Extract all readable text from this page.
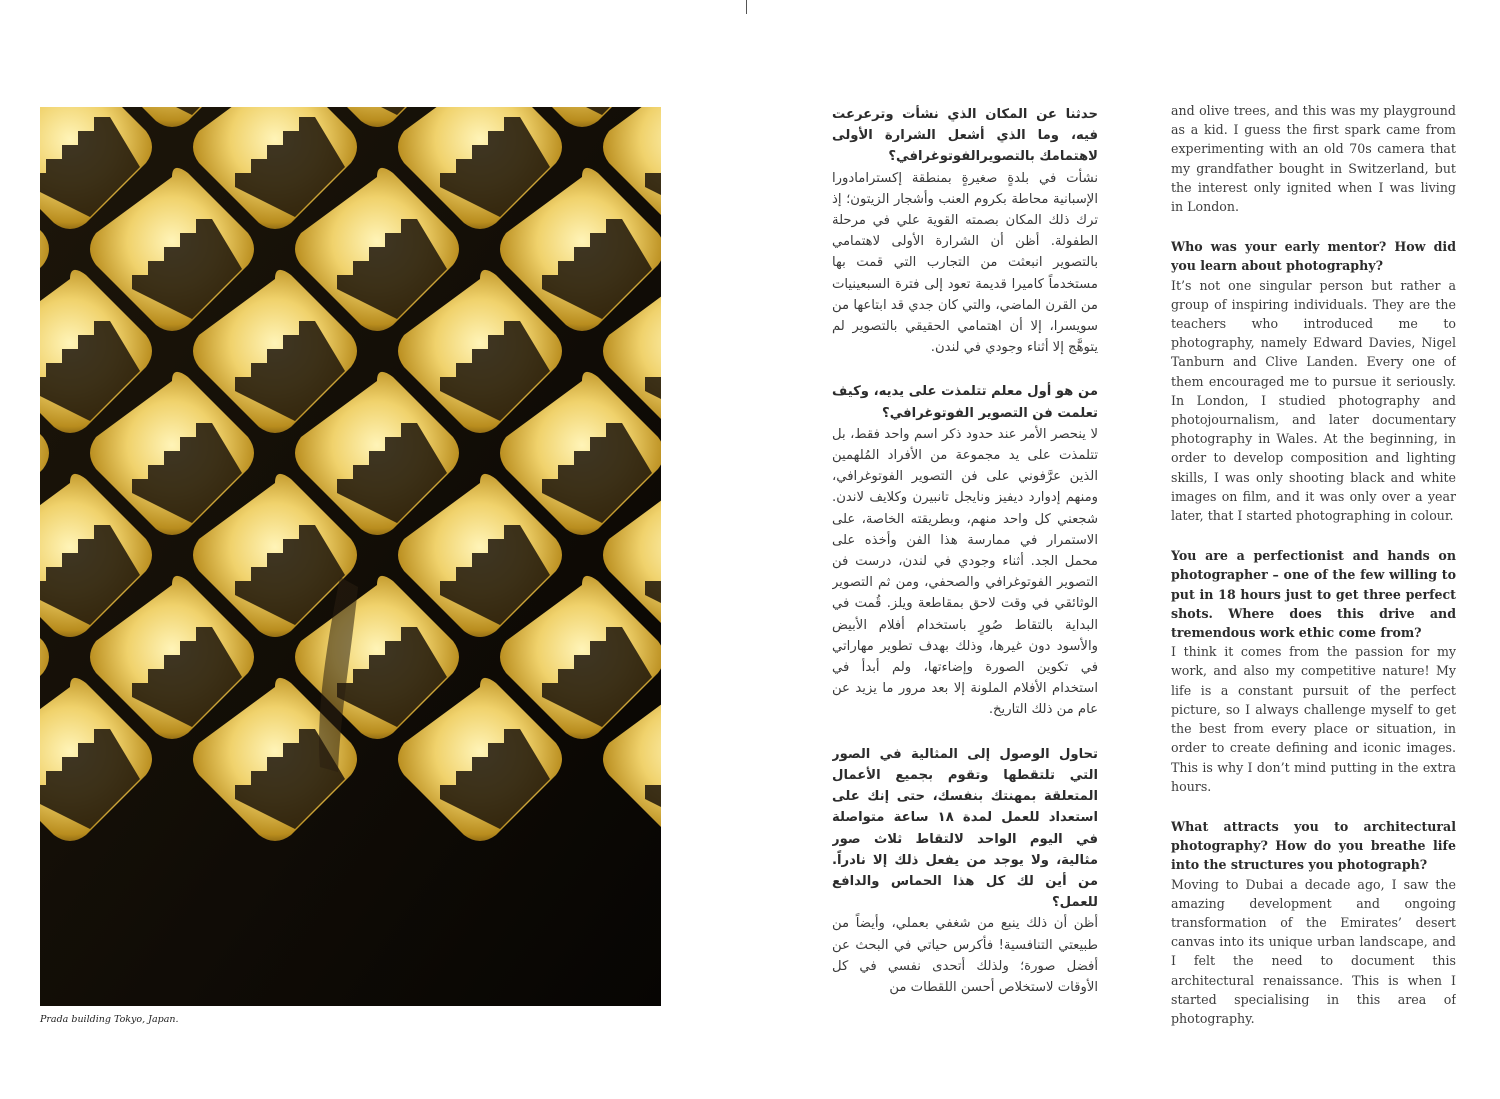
Prada building Tokyo, Japan.

حدثنا عن المكان الذي نشأت وترعرعت فيه، وما الذي أشعل الشرارة الأولى لاهتمامك بالتصويرالفوتوغرافي؟

نشأت في بلدةٍ صغيرةٍ بمنطقة إكسترامادورا الإسبانية محاطة بكروم العنب وأشجار الزيتون؛ إذ ترك ذلك المكان بصمته القوية علي في مرحلة الطفولة. أظن أن الشرارة الأولى لاهتمامي بالتصوير انبعثت من التجارب التي قمت بها مستخدماً كاميرا قديمة تعود إلى فترة السبعينيات من القرن الماضي، والتي كان جدي قد ابتاعها من سويسرا، إلا أن اهتمامي الحقيقي بالتصوير لم يتوهَّج إلا أثناء وجودي في لندن.

من هو أول معلم تتلمذت على يديه، وكيف تعلمت فن التصوير الفوتوغرافي؟

لا ينحصر الأمر عند حدود ذكر اسم واحد فقط، بل تتلمذت على يد مجموعة من الأفراد المُلهمين الذين عرَّفوني على فن التصوير الفوتوغرافي، ومنهم إدوارد ديفيز ونايجل تانبيرن وكلايف لاندن. شجعني كل واحد منهم، وبطريقته الخاصة، على الاستمرار في ممارسة هذا الفن وأخذه على محمل الجد. أثناء وجودي في لندن، درست فن التصوير الفوتوغرافي والصحفي، ومن ثم التصوير الوثائقي في وقت لاحق بمقاطعة ويلز. قُمت في البداية بالتقاط صُورٍ باستخدام أفلام الأبيض والأسود دون غيرها، وذلك بهدف تطوير مهاراتي في تكوين الصورة وإضاءتها، ولم أبدأ في استخدام الأفلام الملونة إلا بعد مرور ما يزيد عن عام من ذلك التاريخ.

تحاول الوصول إلى المثالية في الصور التي تلتقطها وتقوم بجميع الأعمال المتعلقة بمهنتك بنفسك، حتى إنك على استعداد للعمل لمدة ١٨ ساعة متواصلة في اليوم الواحد لالتقاط ثلاث صور مثالية، ولا يوجد من يفعل ذلك إلا نادراً. من أين لك كل هذا الحماس والدافع للعمل؟

أظن أن ذلك ينبع من شغفي بعملي، وأيضاً من طبيعتي التنافسية! فأكرس حياتي في البحث عن أفضل صورة؛ ولذلك أتحدى نفسي في كل الأوقات لاستخلاص أحسن اللقطات من

and olive trees, and this was my playground as a kid. I guess the first spark came from experimenting with an old 70s camera that my grandfather bought in Switzerland, but the interest only ignited when I was living in London.

Who was your early mentor? How did you learn about photography?

It’s not one singular person but rather a group of inspiring individuals. They are the teachers who introduced me to photography, namely Edward Davies, Nigel Tanburn and Clive Landen. Every one of them encouraged me to pursue it seriously. In London, I studied photography and photojournalism, and later documentary photography in Wales. At the beginning, in order to develop composition and lighting skills, I was only shooting black and white images on film, and it was only over a year later, that I started photographing in colour.

You are a perfectionist and hands on photographer – one of the few willing to put in 18 hours just to get three perfect shots. Where does this drive and tremendous work ethic come from?

I think it comes from the passion for my work, and also my competitive nature! My life is a constant pursuit of the perfect picture, so I always challenge myself to get the best from every place or situation, in order to create defining and iconic images. This is why I don’t mind putting in the extra hours.

What attracts you to architectural photography? How do you breathe life into the structures you photograph?

Moving to Dubai a decade ago, I saw the amazing development and ongoing transformation of the Emirates’ desert canvas into its unique urban landscape, and I felt the need to document this architectural renaissance. This is when I started specialising in this area of photography.
